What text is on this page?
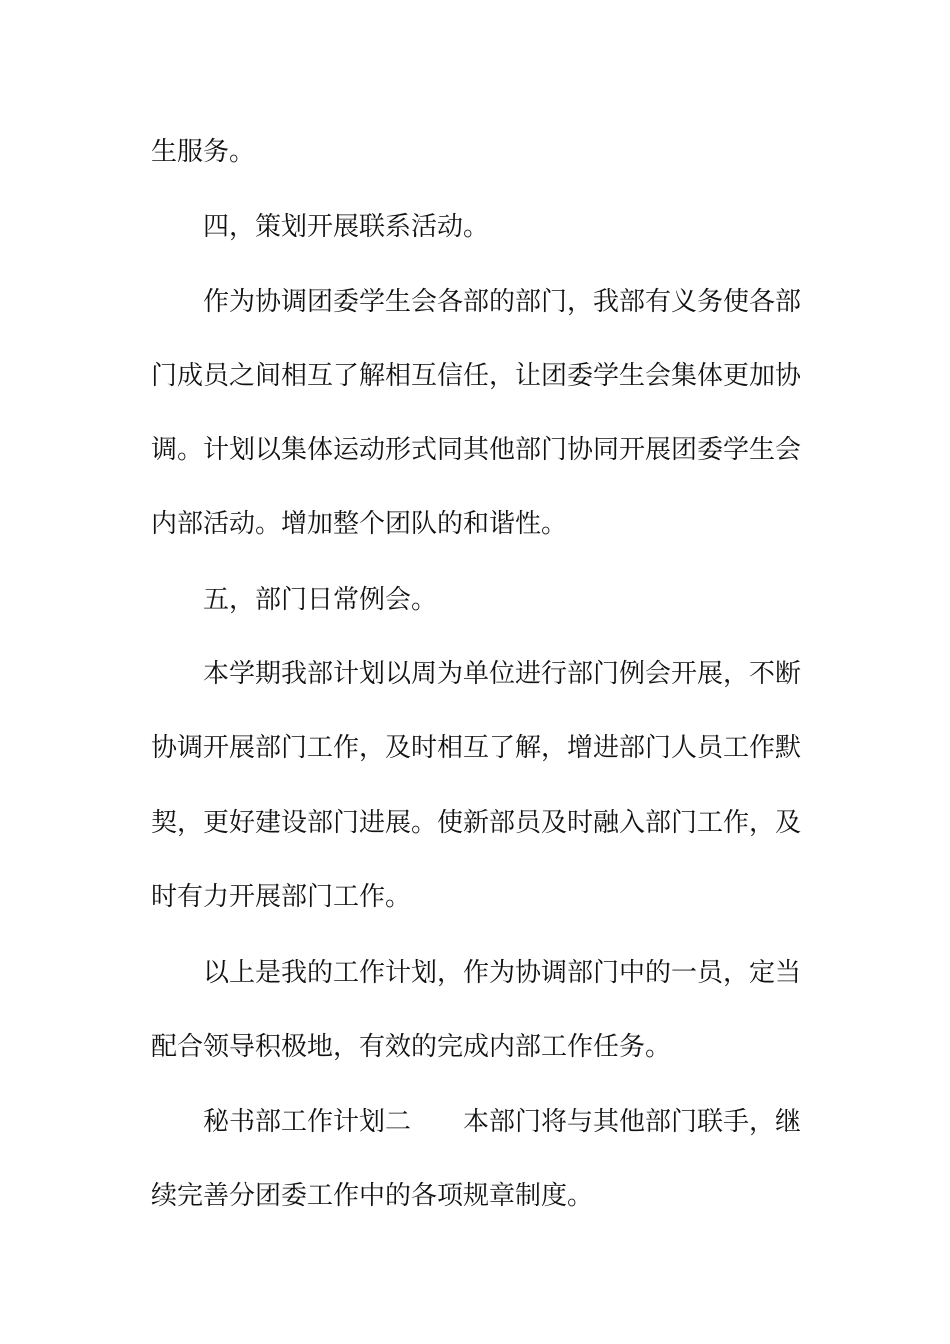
生服务。
四，策划开展联系活动。
作为协调团委学生会各部的部门，我部有义务使各部
门成员之间相互了解相互信任，让团委学生会集体更加协
调。计划以集体运动形式同其他部门协同开展团委学生会
内部活动。增加整个团队的和谐性。
五，部门日常例会。
本学期我部计划以周为单位进行部门例会开展，不断
协调开展部门工作，及时相互了解，增进部门人员工作默
契，更好建设部门进展。使新部员及时融入部门工作，及
时有力开展部门工作。
以上是我的工作计划，作为协调部门中的一员，定当
配合领导积极地，有效的完成内部工作任务。
秘书部工作计划二　　本部门将与其他部门联手，继
续完善分团委工作中的各项规章制度。
